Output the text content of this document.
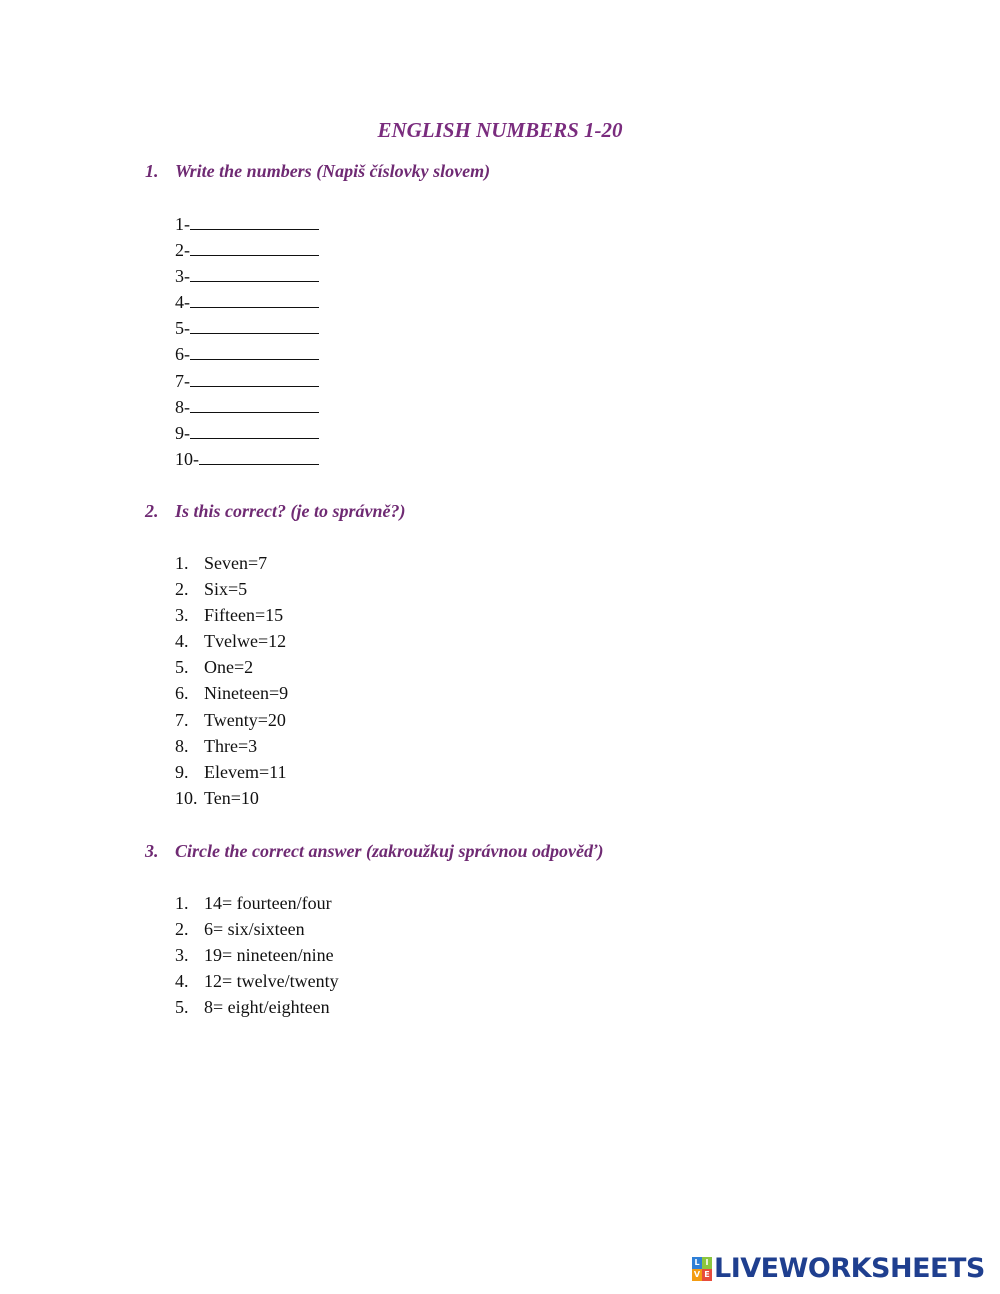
ENGLISH NUMBERS 1-20
1. Write the numbers (Napiš číslovky slovem)
1-
2-
3-
4-
5-
6-
7-
8-
9-
10-
2. Is this correct? (je to správně?)
1. Seven=7
2. Six=5
3. Fifteen=15
4. Tvelwe=12
5. One=2
6. Nineteen=9
7. Twenty=20
8. Thre=3
9. Elevem=11
10. Ten=10
3. Circle the correct answer (zakroužkuj správnou odpověď)
1. 14= fourteen/four
2. 6= six/sixteen
3. 19= nineteen/nine
4. 12= twelve/twenty
5. 8= eight/eighteen
L I
V E LIVEWORKSHEETS
